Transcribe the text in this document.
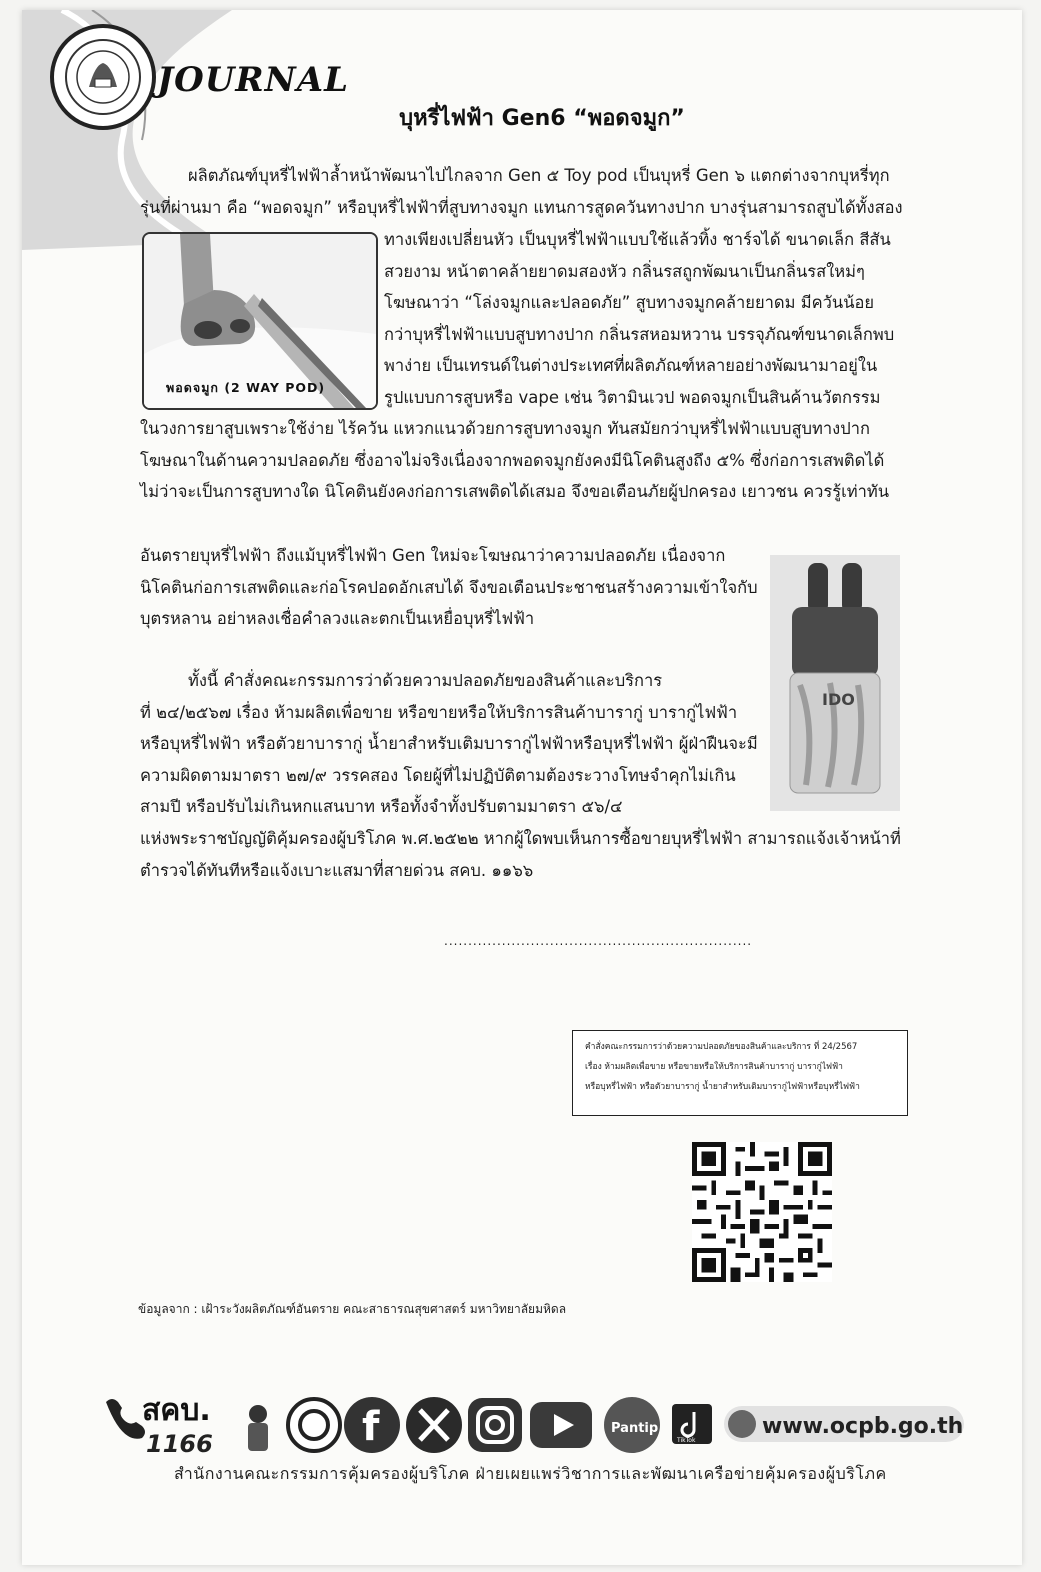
JOURNAL
บุหรี่ไฟฟ้า Gen6 “พอดจมูก”

ผลิตภัณฑ์บุหรี่ไฟฟ้าล้ำหน้าพัฒนาไปไกลจาก Gen ๕ Toy pod เป็นบุหรี่ Gen ๖ แตกต่างจากบุหรี่ทุก

รุ่นที่ผ่านมา คือ “พอดจมูก” หรือบุหรี่ไฟฟ้าที่สูบทางจมูก แทนการสูดควันทางปาก บางรุ่นสามารถสูบได้ทั้งสอง

พอดจมูก (2 WAY POD)

ทางเพียงเปลี่ยนหัว เป็นบุหรี่ไฟฟ้าแบบใช้แล้วทิ้ง ชาร์จได้ ขนาดเล็ก สีสัน

สวยงาม หน้าตาคล้ายยาดมสองหัว กลิ่นรสถูกพัฒนาเป็นกลิ่นรสใหม่ๆ

โฆษณาว่า “โล่งจมูกและปลอดภัย” สูบทางจมูกคล้ายยาดม มีควันน้อย

กว่าบุหรี่ไฟฟ้าแบบสูบทางปาก กลิ่นรสหอมหวาน บรรจุภัณฑ์ขนาดเล็กพบ

พาง่าย เป็นเทรนด์ในต่างประเทศที่ผลิตภัณฑ์หลายอย่างพัฒนามาอยู่ใน

รูปแบบการสูบหรือ vape เช่น วิตามินเวป พอดจมูกเป็นสินค้านวัตกรรม

ในวงการยาสูบเพราะใช้ง่าย ไร้ควัน แหวกแนวด้วยการสูบทางจมูก ทันสมัยกว่าบุหรี่ไฟฟ้าแบบสูบทางปาก

โฆษณาในด้านความปลอดภัย ซึ่งอาจไม่จริงเนื่องจากพอดจมูกยังคงมีนิโคตินสูงถึง ๕% ซึ่งก่อการเสพติดได้

ไม่ว่าจะเป็นการสูบทางใด นิโคตินยังคงก่อการเสพติดได้เสมอ จึงขอเตือนภัยผู้ปกครอง เยาวชน ควรรู้เท่าทัน

อันตรายบุหรี่ไฟฟ้า ถึงแม้บุหรี่ไฟฟ้า Gen ใหม่จะโฆษณาว่าความปลอดภัย เนื่องจาก

นิโคตินก่อการเสพติดและก่อโรคปอดอักเสบได้ จึงขอเตือนประชาชนสร้างความเข้าใจกับ

บุตรหลาน อย่าหลงเชื่อคำลวงและตกเป็นเหยื่อบุหรี่ไฟฟ้า

IDO

ทั้งนี้ คำสั่งคณะกรรมการว่าด้วยความปลอดภัยของสินค้าและบริการ

ที่ ๒๔/๒๕๖๗ เรื่อง ห้ามผลิตเพื่อขาย หรือขายหรือให้บริการสินค้าบารากู่ บารากู่ไฟฟ้า

หรือบุหรี่ไฟฟ้า หรือตัวยาบารากู่ น้ำยาสำหรับเติมบารากู่ไฟฟ้าหรือบุหรี่ไฟฟ้า ผู้ฝ่าฝืนจะมี

ความผิดตามมาตรา ๒๗/๙ วรรคสอง โดยผู้ที่ไม่ปฏิบัติตามต้องระวางโทษจำคุกไม่เกิน

สามปี หรือปรับไม่เกินหกแสนบาท หรือทั้งจำทั้งปรับตามมาตรา ๕๖/๔

แห่งพระราชบัญญัติคุ้มครองผู้บริโภค พ.ศ.๒๕๒๒ หากผู้ใดพบเห็นการซื้อขายบุหรี่ไฟฟ้า สามารถแจ้งเจ้าหน้าที่

ตำรวจได้ทันทีหรือแจ้งเบาะแสมาที่สายด่วน สคบ. ๑๑๖๖

................................................................
คำสั่งคณะกรรมการว่าด้วยความปลอดภัยของสินค้าและบริการ ที่ 24/2567
เรื่อง ห้ามผลิตเพื่อขาย หรือขายหรือให้บริการสินค้าบารากู่ บารากู่ไฟฟ้า
หรือบุหรี่ไฟฟ้า หรือตัวยาบารากู่ น้ำยาสำหรับเติมบารากู่ไฟฟ้าหรือบุหรี่ไฟฟ้า
ข้อมูลจาก : เฝ้าระวังผลิตภัณฑ์อันตราย คณะสาธารณสุขศาสตร์ มหาวิทยาลัยมหิดล
สคบ.
1166	f	Pantip
TikTok
www.ocpb.go.th
สำนักงานคณะกรรมการคุ้มครองผู้บริโภค ฝ่ายเผยแพร่วิชาการและพัฒนาเครือข่ายคุ้มครองผู้บริโภค
